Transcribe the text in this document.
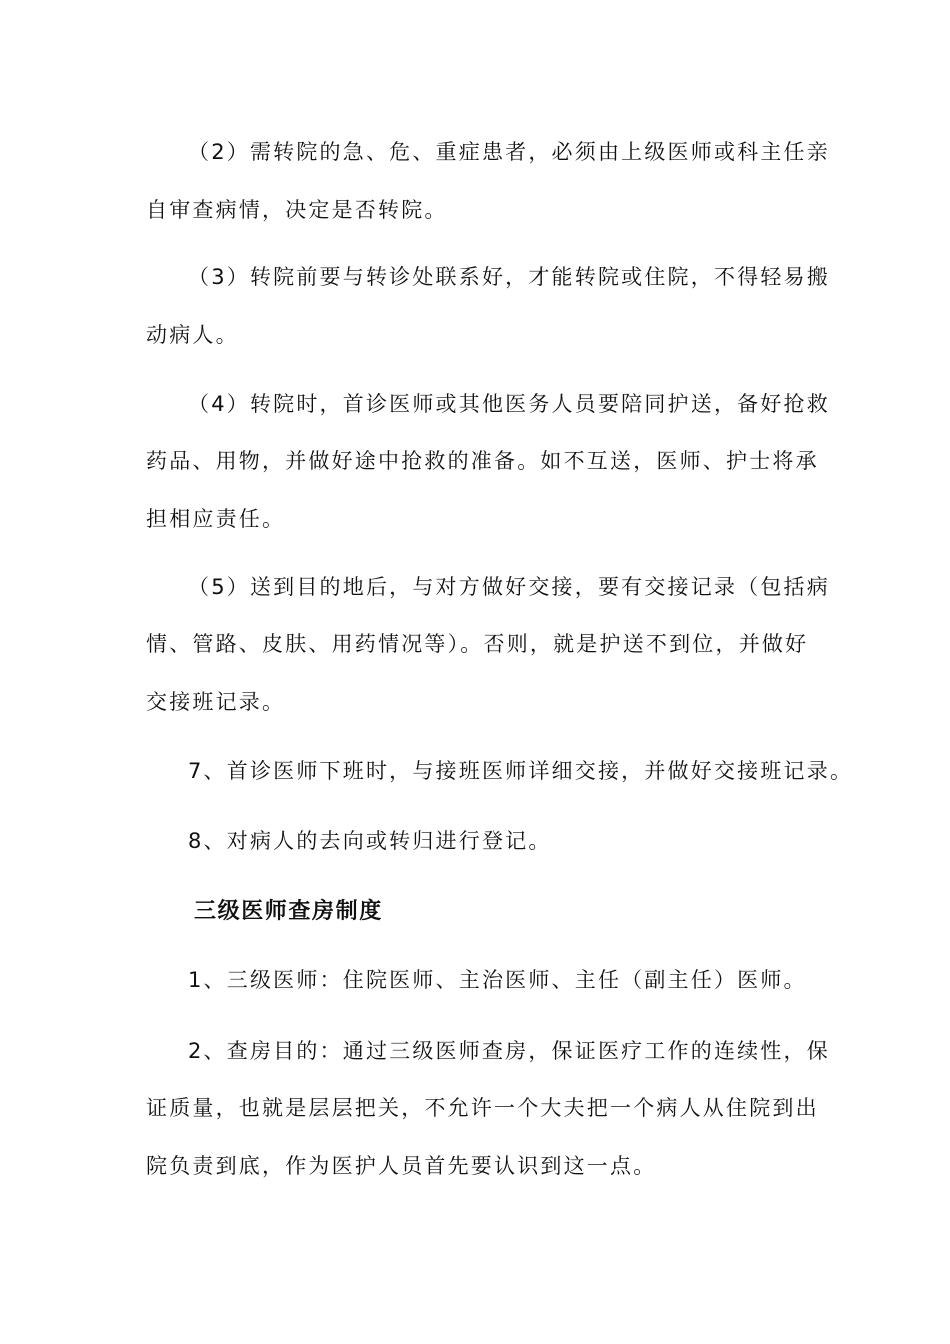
（2）需转院的急、危、重症患者，必须由上级医师或科主任亲
自审查病情，决定是否转院。
（3）转院前要与转诊处联系好，才能转院或住院，不得轻易搬
动病人。
（4）转院时，首诊医师或其他医务人员要陪同护送，备好抢救
药品、用物，并做好途中抢救的准备。如不互送，医师、护士将承
担相应责任。
（5）送到目的地后，与对方做好交接，要有交接记录（包括病
情、管路、皮肤、用药情况等）。否则，就是护送不到位，并做好
交接班记录。
7、首诊医师下班时，与接班医师详细交接，并做好交接班记录。
8、对病人的去向或转归进行登记。
三级医师查房制度
1、三级医师：住院医师、主治医师、主任（副主任）医师。
2、查房目的：通过三级医师查房，保证医疗工作的连续性，保
证质量，也就是层层把关，不允许一个大夫把一个病人从住院到出
院负责到底，作为医护人员首先要认识到这一点。
